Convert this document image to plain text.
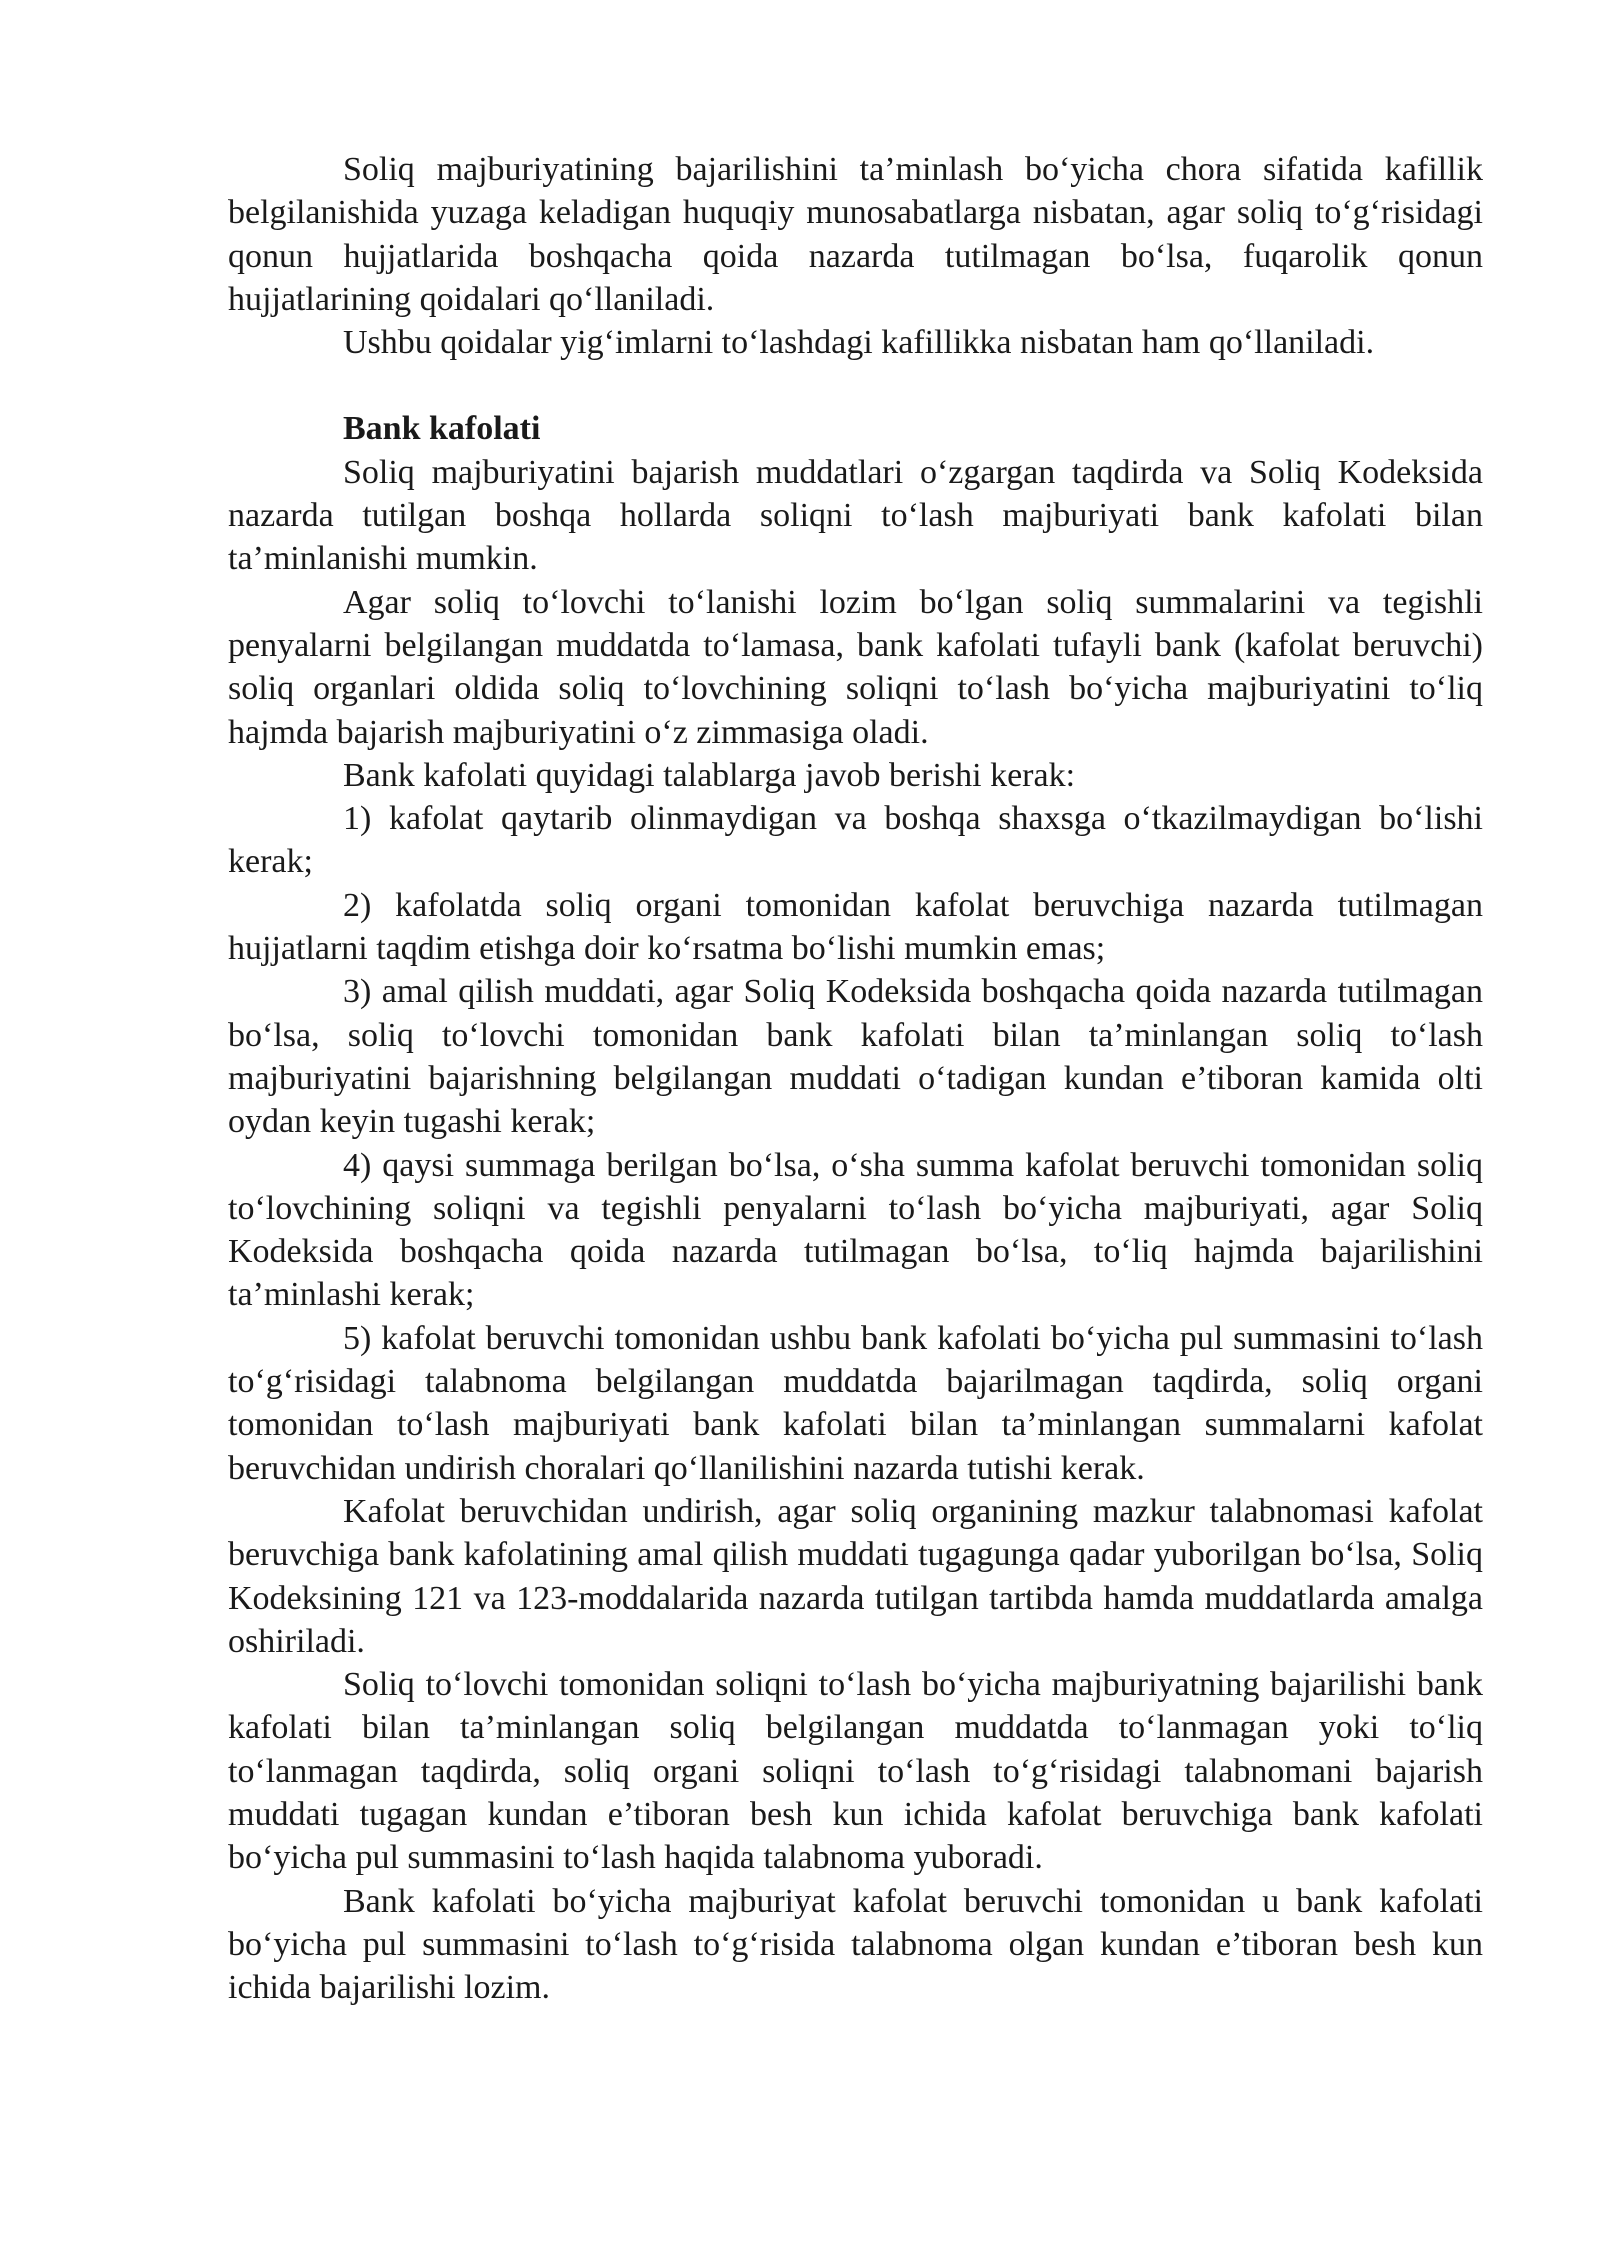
Soliq majburiyatining bajarilishini ta’minlash bo‘yicha chora sifatida kafillik belgilanishida yuzaga keladigan huquqiy munosabatlarga nisbatan, agar soliq to‘g‘risidagi qonun hujjatlarida boshqacha qoida nazarda tutilmagan bo‘lsa, fuqarolik qonun hujjatlarining qoidalari qo‘llaniladi.

Ushbu qoidalar yig‘imlarni to‘lashdagi kafillikka nisbatan ham qo‘llaniladi.

Bank kafolati

Soliq majburiyatini bajarish muddatlari o‘zgargan taqdirda va Soliq Kodeksida nazarda tutilgan boshqa hollarda soliqni to‘lash majburiyati bank kafolati bilan ta’minlanishi mumkin.

Agar soliq to‘lovchi to‘lanishi lozim bo‘lgan soliq summalarini va tegishli penyalarni belgilangan muddatda to‘lamasa, bank kafolati tufayli bank (kafolat beruvchi) soliq organlari oldida soliq to‘lovchining soliqni to‘lash bo‘yicha majburiyatini to‘liq hajmda bajarish majburiyatini o‘z zimmasiga oladi.

Bank kafolati quyidagi talablarga javob berishi kerak:

1) kafolat qaytarib olinmaydigan va boshqa shaxsga o‘tkazilmaydigan bo‘lishi kerak;

2) kafolatda soliq organi tomonidan kafolat beruvchiga nazarda tutilmagan hujjatlarni taqdim etishga doir ko‘rsatma bo‘lishi mumkin emas;

3) amal qilish muddati, agar Soliq Kodeksida boshqacha qoida nazarda tutilmagan bo‘lsa, soliq to‘lovchi tomonidan bank kafolati bilan ta’minlangan soliq to‘lash majburiyatini bajarishning belgilangan muddati o‘tadigan kundan e’tiboran kamida olti oydan keyin tugashi kerak;

4) qaysi summaga berilgan bo‘lsa, o‘sha summa kafolat beruvchi tomonidan soliq to‘lovchining soliqni va tegishli penyalarni to‘lash bo‘yicha majburiyati, agar Soliq Kodeksida boshqacha qoida nazarda tutilmagan bo‘lsa, to‘liq hajmda bajarilishini ta’minlashi kerak;

5) kafolat beruvchi tomonidan ushbu bank kafolati bo‘yicha pul summasini to‘lash to‘g‘risidagi talabnoma belgilangan muddatda bajarilmagan taqdirda, soliq organi tomonidan to‘lash majburiyati bank kafolati bilan ta’minlangan summalarni kafolat beruvchidan undirish choralari qo‘llanilishini nazarda tutishi kerak.

Kafolat beruvchidan undirish, agar soliq organining mazkur talabnomasi kafolat beruvchiga bank kafolatining amal qilish muddati tugagunga qadar yuborilgan bo‘lsa, Soliq Kodeksining 121 va 123-moddalarida nazarda tutilgan tartibda hamda muddatlarda amalga oshiriladi.

Soliq to‘lovchi tomonidan soliqni to‘lash bo‘yicha majburiyatning bajarilishi bank kafolati bilan ta’minlangan soliq belgilangan muddatda to‘lanmagan yoki to‘liq to‘lanmagan taqdirda, soliq organi soliqni to‘lash to‘g‘risidagi talabnomani bajarish muddati tugagan kundan e’tiboran besh kun ichida kafolat beruvchiga bank kafolati bo‘yicha pul summasini to‘lash haqida talabnoma yuboradi.

Bank kafolati bo‘yicha majburiyat kafolat beruvchi tomonidan u bank kafolati bo‘yicha pul summasini to‘lash to‘g‘risida talabnoma olgan kundan e’tiboran besh kun ichida bajarilishi lozim.
